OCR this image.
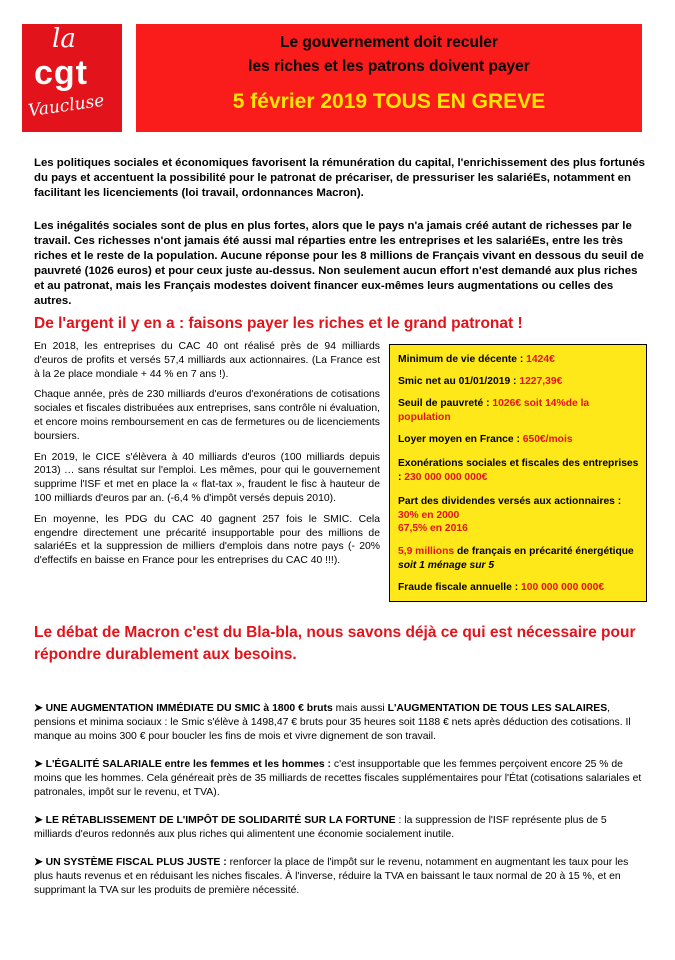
la
cgt
Vaucluse
Le gouvernement doit reculer
les riches et les patrons doivent payer
5 février 2019 TOUS EN GREVE
Les politiques sociales et économiques favorisent la rémunération du capital, l'enrichissement des plus fortunés du pays et accentuent la possibilité pour le patronat de précariser, de pressuriser les salariéEs, notamment en facilitant les licenciements (loi travail, ordonnances Macron).
Les inégalités sociales sont de plus en plus fortes, alors que le pays n'a jamais créé autant de richesses par le travail. Ces richesses n'ont jamais été aussi mal réparties entre les entreprises et les salariéEs, entre les très riches et le reste de la population. Aucune réponse pour les 8 millions de Français vivant en dessous du seuil de pauvreté (1026 euros) et pour ceux juste au-dessus. Non seulement aucun effort n'est demandé aux plus riches et au patronat, mais les Français modestes doivent financer eux-mêmes leurs augmentations ou celles des autres.
De l'argent il y en a : faisons payer les riches et le grand patronat !

En 2018, les entreprises du CAC 40 ont réalisé près de 94 milliards d'euros de profits et versés 57,4 milliards aux actionnaires. (La France est à la 2e place mondiale + 44 % en 7 ans !).

Chaque année, près de 230 milliards d'euros d'exonérations de cotisations sociales et fiscales distribuées aux entreprises, sans contrôle ni évaluation, et encore moins remboursement en cas de fermetures ou de licenciements boursiers.

En 2019, le CICE s'élèvera à 40 milliards d'euros (100 milliards depuis 2013) … sans résultat sur l'emploi. Les mêmes, pour qui le gouvernement supprime l'ISF et met en place la « flat-tax », fraudent le fisc à hauteur de 100 milliards d'euros par an. (-6,4 % d'impôt versés depuis 2010).

En moyenne, les PDG du CAC 40 gagnent 257 fois le SMIC. Cela engendre directement une précarité insupportable pour des millions de salariéEs et la suppression de milliers d'emplois dans notre pays (- 20% d'effectifs en baisse en France pour les entreprises du CAC 40 !!!).

Minimum de vie décente : 1424€
Smic net au 01/01/2019 : 1227,39€
Seuil de pauvreté : 1026€ soit 14%de la population
Loyer moyen en France : 650€/mois
Exonérations sociales et fiscales des entreprises : 230 000 000 000€
Part des dividendes versés aux actionnaires :
30% en 2000
67,5% en 2016
5,9 millions de français en précarité énergétique soit 1 ménage sur 5
Fraude fiscale annuelle : 100 000 000 000€
Le débat de Macron c'est du Bla-bla, nous savons déjà ce qui est nécessaire pour répondre durablement aux besoins.
➤ UNE AUGMENTATION IMMÉDIATE DU SMIC à 1800 € bruts mais aussi L'AUGMENTATION DE TOUS LES SALAIRES, pensions et minima sociaux : le Smic s'élève à 1498,47 € bruts pour 35 heures soit 1188 € nets après déduction des cotisations. Il manque au moins 300 € pour boucler les fins de mois et vivre dignement de son travail.
➤ L'ÉGALITÉ SALARIALE entre les femmes et les hommes : c'est insupportable que les femmes perçoivent encore 25 % de moins que les hommes. Cela généreait près de 35 milliards de recettes fiscales supplémentaires pour l'État (cotisations salariales et patronales, impôt sur le revenu, et TVA).
➤ LE RÉTABLISSEMENT DE L'IMPÔT DE SOLIDARITÉ SUR LA FORTUNE : la suppression de l'ISF représente plus de 5 milliards d'euros redonnés aux plus riches qui alimentent une économie socialement inutile.
➤ UN SYSTÈME FISCAL PLUS JUSTE : renforcer la place de l'impôt sur le revenu, notamment en augmentant les taux pour les plus hauts revenus et en réduisant les niches fiscales. À l'inverse, réduire la TVA en baissant le taux normal de 20 à 15 %, et en supprimant la TVA sur les produits de première nécessité.
